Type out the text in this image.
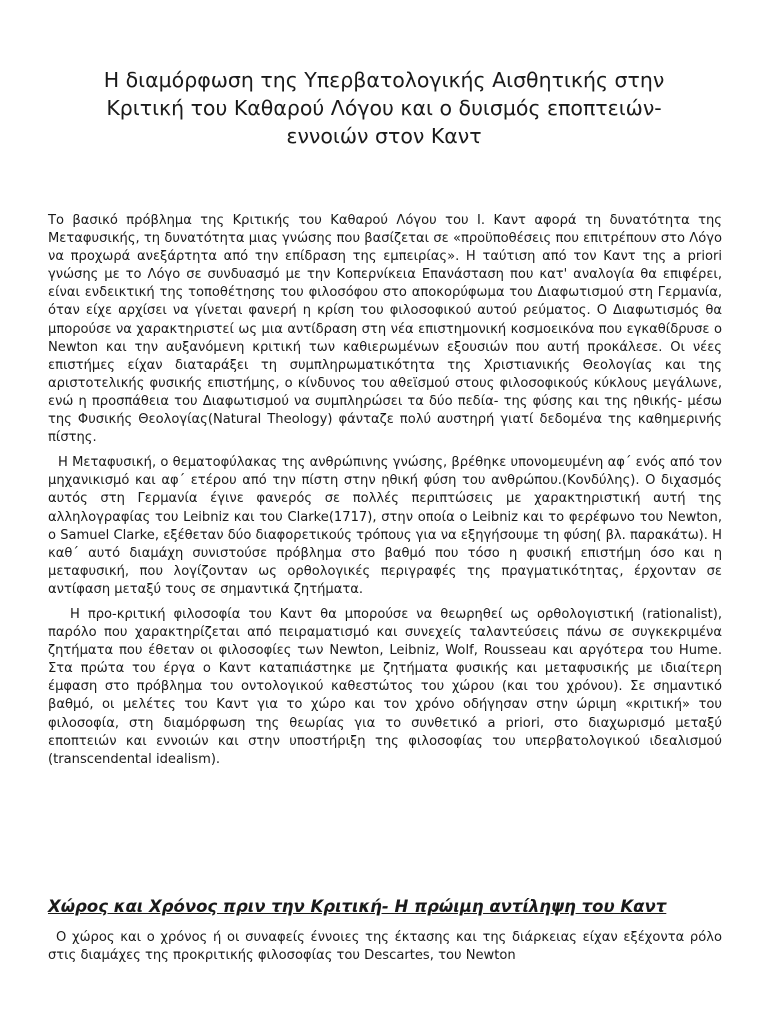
Η διαμόρφωση της Υπερβατολογικής Αισθητικής στην
Κριτική του Καθαρού Λόγου και ο δυισμός εποπτειών-
εννοιών στον Καντ

Το βασικό πρόβλημα της Κριτικής του Καθαρού Λόγου του I. Καντ αφορά τη δυνατότητα της Μεταφυσικής, τη δυνατότητα μιας γνώσης που βασίζεται σε «προϋποθέσεις που επιτρέπουν στο Λόγο να προχωρά ανεξάρτητα από την επίδραση της εμπειρίας». Η ταύτιση από τον Καντ της a priori γνώσης με το Λόγο σε συνδυασμό με την Κοπερνίκεια Επανάσταση που κατ' αναλογία θα επιφέρει, είναι ενδεικτική της τοποθέτησης του φιλοσόφου στο αποκορύφωμα του Διαφωτισμού στη Γερμανία, όταν είχε αρχίσει να γίνεται φανερή η κρίση του φιλοσοφικού αυτού ρεύματος. Ο Διαφωτισμός θα μπορούσε να χαρακτηριστεί ως μια αντίδραση στη νέα επιστημονική κοσμοεικόνα που εγκαθίδρυσε ο Newton και την αυξανόμενη κριτική των καθιερωμένων εξουσιών που αυτή προκάλεσε. Οι νέες επιστήμες είχαν διαταράξει τη συμπληρωματικότητα της Χριστιανικής Θεολογίας και της αριστοτελικής φυσικής επιστήμης, ο κίνδυνος του αθεϊσμού στους φιλοσοφικούς κύκλους μεγάλωνε, ενώ η προσπάθεια του Διαφωτισμού να συμπληρώσει τα δύο πεδία- της φύσης και της ηθικής- μέσω της Φυσικής Θεολογίας(Natural Theology) φάνταζε πολύ αυστηρή γιατί δεδομένα της καθημερινής πίστης.

Η Μεταφυσική, ο θεματοφύλακας της ανθρώπινης γνώσης, βρέθηκε υπονομευμένη αφ΄ ενός από τον μηχανικισμό και αφ΄ ετέρου από την πίστη στην ηθική φύση του ανθρώπου.(Κονδύλης). Ο διχασμός αυτός στη Γερμανία έγινε φανερός σε πολλές περιπτώσεις με χαρακτηριστική αυτή της αλληλογραφίας του Leibniz και του Clarke(1717), στην οποία ο Leibniz και το φερέφωνο του Newton, ο Samuel Clarke, εξέθεταν δύο διαφορετικούς τρόπους για να εξηγήσουμε τη φύση( βλ. παρακάτω). Η καθ΄ αυτό διαμάχη συνιστούσε πρόβλημα στο βαθμό που τόσο η φυσική επιστήμη όσο και η μεταφυσική, που λογίζονταν ως ορθολογικές περιγραφές της πραγματικότητας, έρχονταν σε αντίφαση μεταξύ τους σε σημαντικά ζητήματα.

Η προ-κριτική φιλοσοφία του Καντ θα μπορούσε να θεωρηθεί ως ορθολογιστική (rationalist), παρόλο που χαρακτηρίζεται από πειραματισμό και συνεχείς ταλαντεύσεις πάνω σε συγκεκριμένα ζητήματα που έθεταν οι φιλοσοφίες των Newton, Leibniz, Wolf, Rousseau και αργότερα του Hume. Στα πρώτα του έργα ο Καντ καταπιάστηκε με ζητήματα φυσικής και μεταφυσικής με ιδιαίτερη έμφαση στο πρόβλημα του οντολογικού καθεστώτος του χώρου (και του χρόνου). Σε σημαντικό βαθμό, οι μελέτες του Καντ για το χώρο και τον χρόνο οδήγησαν στην ώριμη «κριτική» του φιλοσοφία, στη διαμόρφωση της θεωρίας για το συνθετικό a priori, στο διαχωρισμό μεταξύ εποπτειών και εννοιών και στην υποστήριξη της φιλοσοφίας του υπερβατολογικού ιδεαλισμού (transcendental idealism).

Χώρος και Χρόνος πριν την Κριτική- Η πρώιμη αντίληψη του Καντ

Ο χώρος και ο χρόνος ή οι συναφείς έννοιες της έκτασης και της διάρκειας είχαν εξέχοντα ρόλο στις διαμάχες της προκριτικής φιλοσοφίας του Descartes, του Newton
